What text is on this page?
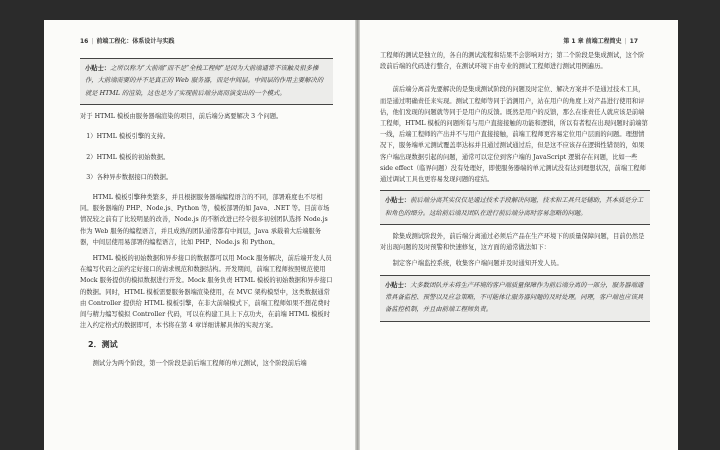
16 | 前端工程化：体系设计与实践
小贴士：之所以称为“大前端”而不是“全栈工程师”是因为大前端通常不该触及很多操作，大前端需要的并不是真正的 Web 服务器，而是中间层。中间层的作用主要解决的就是 HTML 的渲染，这也是为了实现前后端分离而演变出的一个模式。

对于 HTML 模板由服务器端渲染的项目，前后端分离要解决 3 个问题。

1）HTML 模板引擎的支持。

2）HTML 模板的初始数据。

3）各种异步数据接口的数据。

HTML 模板引擎种类繁多，并且根据服务器端编程语言的不同，部署难度也不尽相同。服务器端的 PHP、Node.js、Python 等，模板部署的如 Java、.NET 等。目前市场情况较之前有了比较明显的改善，Node.js 的不断改进已经令很多初创团队选择 Node.js 作为 Web 服务的编程语言，并且成熟的团队通常都有中间层，Java 承载着大后端服务器，中间层使用易部署的编程语言，比如 PHP、Node.js 和 Python。

HTML 模板的初始数据和异步接口的数据都可以用 Mock 服务解决，前后端开发人员在编写代码之前约定好接口的请求规范和数据结构。开发期间，前端工程师按照规范使用 Mock 服务提供的模拟数据进行开发。Mock 服务负责 HTML 模板的初始数据和异步接口的数据。同时，HTML 模板需要服务器端渲染使用，在 MVC 架构模型中，这类数据通常由 Controller 提供给 HTML 模板引擎，在非大前端模式下，前端工程师如果不想花费时间与精力编写模拟 Controller 代码，可以在构建工具上下点功夫，在前端 HTML 模板时注入约定格式的数据即可，本书将在第 4 章详细讲解具体的实现方案。

2．测试

测试分为两个阶段，第一个阶段是前后端工程师的单元测试，这个阶段前后端

第 1 章 前端工程简史 | 17

工程师的测试是独立的，各自的测试流程和结果不会影响对方；第二个阶段是集成测试，这个阶段前后端的代码进行整合，在测试环境下由专业的测试工程师进行测试用例遍历。

前后端分离首先要解决的是集成测试阶段的问题及时定位、解决方案并不是通过技术工具，而是通过明确责任来实现。测试工程师等同于消测用户，站在用户的角度上对产品进行使用和评估，他们发现的问题就等同于是用户的反馈。既然是用户的反馈，那么在谁责任人就应该是前端工程师，HTML 模板的问题所有与用户直接接触的功能和逻辑，所以有者程在出现问题时前端第一线，后端工程师的产出并不与用户直接接触，前端工程师更容易定位用户层面的问题。理想情况下，服务端单元测试覆盖率达标并且通过测试通过后，但是这不应该存在逻辑性错误的，如果客户端出现数据引起的问题，通常可以定位到客户端的 JavaScript 逻辑存在问题，比如一些 side effect（临界问题）没有处理好，即使服务器端的单元测试没有达到理想状况，前端工程师通过调试工具也更容易发现问题的症结。

小贴士：前后端分离其实仅仅是通过技术手段解决问题，技术和工具只是辅助，其本质是分工和角色的细分。这给前后端及团队在进行前后端分离时容易忽略的问题。

除集成测试阶段外，前后端分离通过必须后产品在生产环境下的质量保障问题，目前仍然是对出现问题的及时预警和快速修复，这方面的通常做法如下：

制定客户端监控系统，收集客户端问题并及时通知开发人员。

小贴士：大多数团队并未将生产环境的客户端质量保障作为前后端分离的一部分，服务器端通常具备监控、预警以及应急策略，不可能体让服务器问题的及时处理。同理，客户端也应该具备监控机制，并且由前端工程师负责。
